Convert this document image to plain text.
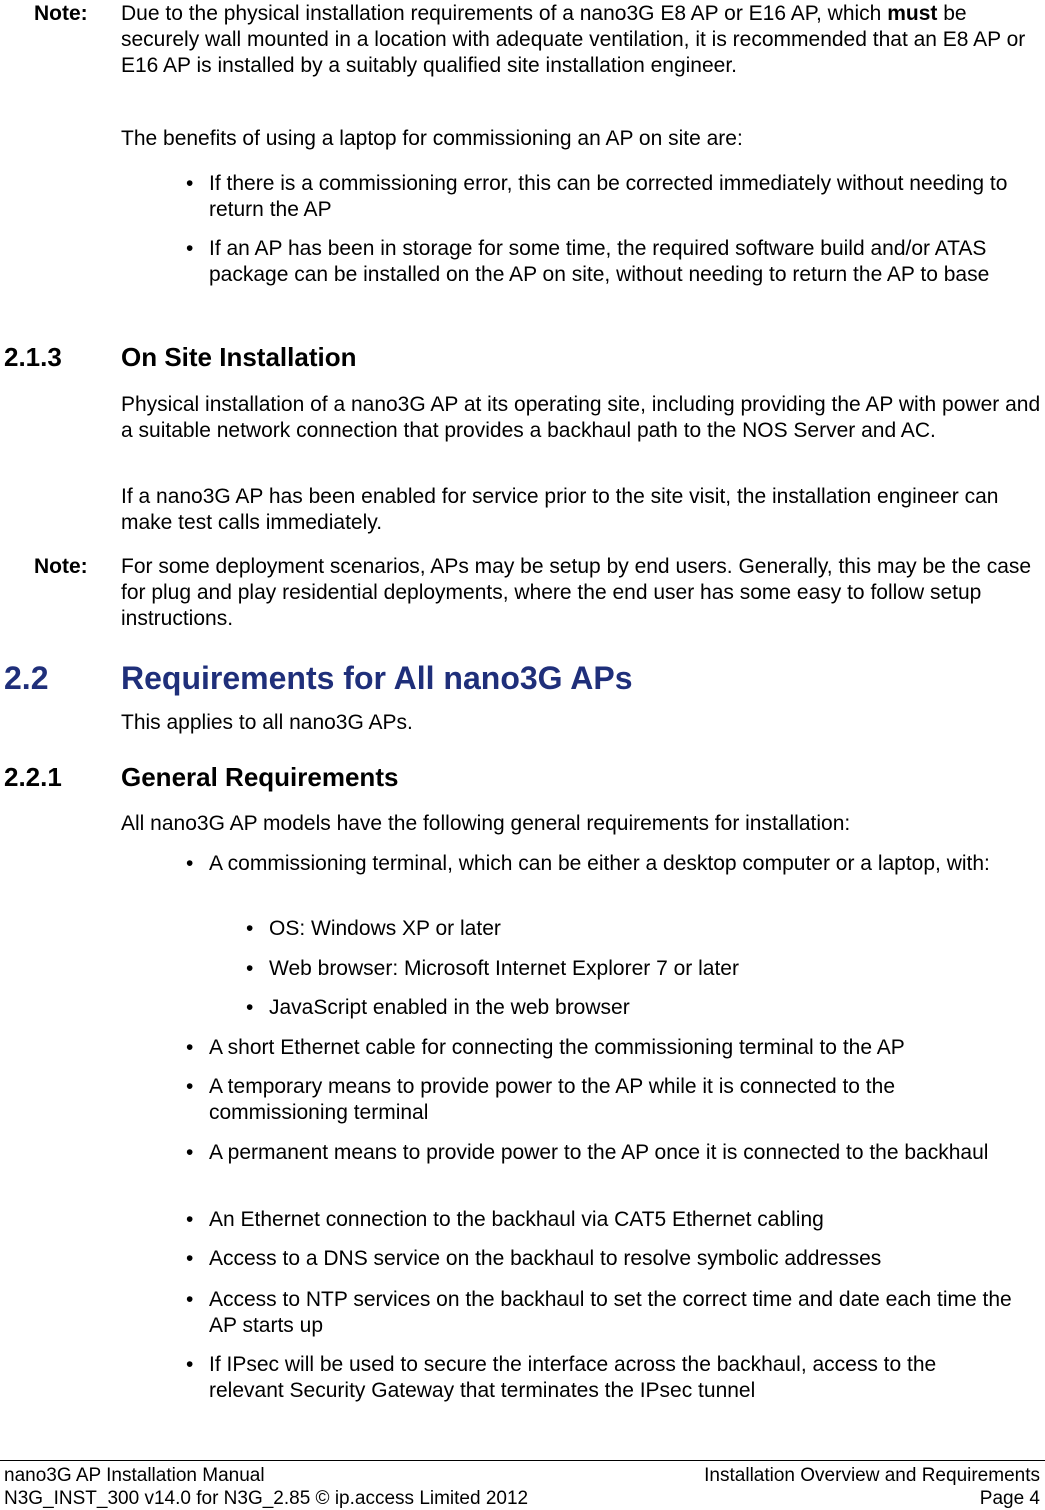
Note: Due to the physical installation requirements of a nano3G E8 AP or E16 AP, which must be securely wall mounted in a location with adequate ventilation, it is recommended that an E8 AP or E16 AP is installed by a suitably qualified site installation engineer.

The benefits of using a laptop for commissioning an AP on site are:

• If there is a commissioning error, this can be corrected immediately without needing to return the AP
• If an AP has been in storage for some time, the required software build and/or ATAS package can be installed on the AP on site, without needing to return the AP to base
2.1.3 On Site Installation

Physical installation of a nano3G AP at its operating site, including providing the AP with power and a suitable network connection that provides a backhaul path to the NOS Server and AC.

If a nano3G AP has been enabled for service prior to the site visit, the installation engineer can make test calls immediately.

Note: For some deployment scenarios, APs may be setup by end users. Generally, this may be the case for plug and play residential deployments, where the end user has some easy to follow setup instructions.
2.2 Requirements for All nano3G APs

This applies to all nano3G APs.

2.2.1 General Requirements

All nano3G AP models have the following general requirements for installation:

• A commissioning terminal, which can be either a desktop computer or a laptop, with:
• OS: Windows XP or later
• Web browser: Microsoft Internet Explorer 7 or later
• JavaScript enabled in the web browser
• A short Ethernet cable for connecting the commissioning terminal to the AP
• A temporary means to provide power to the AP while it is connected to the commissioning terminal
• A permanent means to provide power to the AP once it is connected to the backhaul
• An Ethernet connection to the backhaul via CAT5 Ethernet cabling
• Access to a DNS service on the backhaul to resolve symbolic addresses
• Access to NTP services on the backhaul to set the correct time and date each time the AP starts up
• If IPsec will be used to secure the interface across the backhaul, access to the relevant Security Gateway that terminates the IPsec tunnel
nano3G AP Installation Manual
N3G_INST_300 v14.0 for N3G_2.85 © ip.access Limited 2012
Installation Overview and Requirements
Page 4
